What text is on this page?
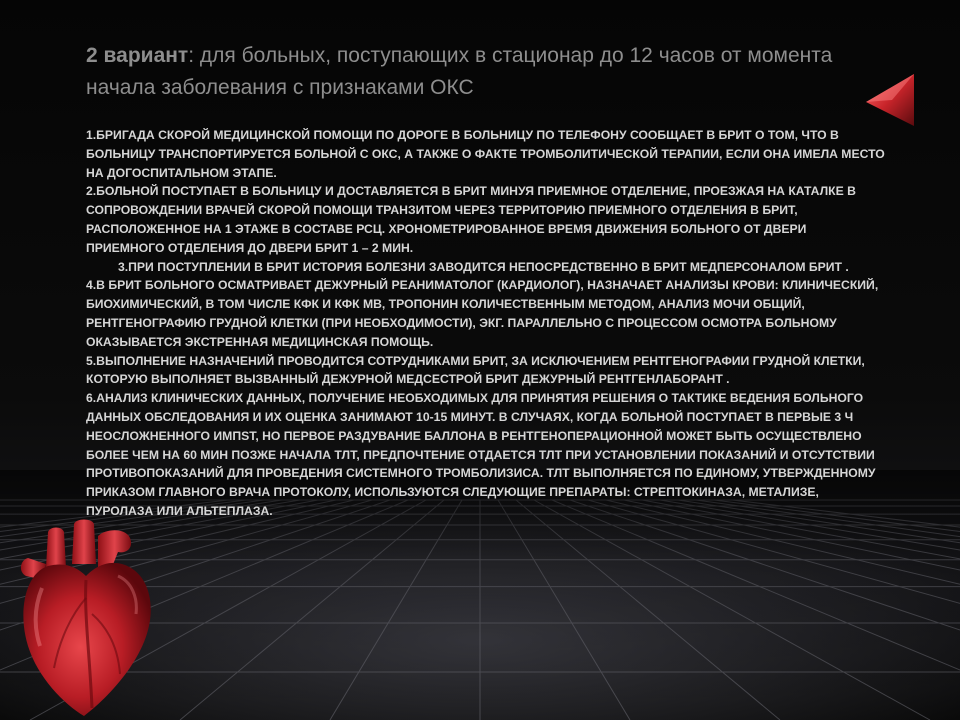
2 вариант: для больных, поступающих в стационар до 12 часов от момента начала заболевания с признаками ОКС

1.БРИГАДА СКОРОЙ МЕДИЦИНСКОЙ ПОМОЩИ ПО ДОРОГЕ В БОЛЬНИЦУ ПО ТЕЛЕФОНУ СООБЩАЕТ В БРИТ О ТОМ, ЧТО В БОЛЬНИЦУ ТРАНСПОРТИРУЕТСЯ БОЛЬНОЙ С ОКС, А ТАКЖЕ О ФАКТЕ ТРОМБОЛИТИЧЕСКОЙ ТЕРАПИИ, ЕСЛИ ОНА ИМЕЛА МЕСТО НА ДОГОСПИТАЛЬНОМ ЭТАПЕ.

2.БОЛЬНОЙ ПОСТУПАЕТ В БОЛЬНИЦУ И ДОСТАВЛЯЕТСЯ В БРИТ МИНУЯ ПРИЕМНОЕ ОТДЕЛЕНИЕ, ПРОЕЗЖАЯ НА КАТАЛКЕ В СОПРОВОЖДЕНИИ ВРАЧЕЙ СКОРОЙ ПОМОЩИ ТРАНЗИТОМ ЧЕРЕЗ ТЕРРИТОРИЮ ПРИЕМНОГО ОТДЕЛЕНИЯ В БРИТ, РАСПОЛОЖЕННОЕ НА 1 ЭТАЖЕ В СОСТАВЕ РСЦ. ХРОНОМЕТРИРОВАННОЕ ВРЕМЯ ДВИЖЕНИЯ БОЛЬНОГО ОТ ДВЕРИ ПРИЕМНОГО ОТДЕЛЕНИЯ ДО ДВЕРИ БРИТ 1 – 2 МИН.

3.ПРИ ПОСТУПЛЕНИИ В БРИТ ИСТОРИЯ БОЛЕЗНИ ЗАВОДИТСЯ НЕПОСРЕДСТВЕННО В БРИТ МЕДПЕРСОНАЛОМ БРИТ .

4.В БРИТ БОЛЬНОГО ОСМАТРИВАЕТ ДЕЖУРНЫЙ РЕАНИМАТОЛОГ (КАРДИОЛОГ), НАЗНАЧАЕТ АНАЛИЗЫ КРОВИ: КЛИНИЧЕСКИЙ, БИОХИМИЧЕСКИЙ, В ТОМ ЧИСЛЕ КФК И КФК МВ, ТРОПОНИН КОЛИЧЕСТВЕННЫМ МЕТОДОМ, АНАЛИЗ МОЧИ ОБЩИЙ, РЕНТГЕНОГРАФИЮ ГРУДНОЙ КЛЕТКИ (ПРИ НЕОБХОДИМОСТИ), ЭКГ. ПАРАЛЛЕЛЬНО С ПРОЦЕССОМ ОСМОТРА БОЛЬНОМУ ОКАЗЫВАЕТСЯ ЭКСТРЕННАЯ МЕДИЦИНСКАЯ ПОМОЩЬ.

5.ВЫПОЛНЕНИЕ НАЗНАЧЕНИЙ ПРОВОДИТСЯ СОТРУДНИКАМИ БРИТ, ЗА ИСКЛЮЧЕНИЕМ РЕНТГЕНОГРАФИИ ГРУДНОЙ КЛЕТКИ, КОТОРУЮ ВЫПОЛНЯЕТ ВЫЗВАННЫЙ ДЕЖУРНОЙ МЕДСЕСТРОЙ БРИТ ДЕЖУРНЫЙ РЕНТГЕНЛАБОРАНТ .

6.АНАЛИЗ КЛИНИЧЕСКИХ ДАННЫХ, ПОЛУЧЕНИЕ НЕОБХОДИМЫХ ДЛЯ ПРИНЯТИЯ РЕШЕНИЯ О ТАКТИКЕ ВЕДЕНИЯ БОЛЬНОГО ДАННЫХ ОБСЛЕДОВАНИЯ И ИХ ОЦЕНКА ЗАНИМАЮТ 10-15 МИНУТ. В СЛУЧАЯХ, КОГДА БОЛЬНОЙ ПОСТУПАЕТ В ПЕРВЫЕ 3 Ч НЕОСЛОЖНЕННОГО ИМПST, НО ПЕРВОЕ РАЗДУВАНИЕ БАЛЛОНА В РЕНТГЕНОПЕРАЦИОННОЙ МОЖЕТ БЫТЬ ОСУЩЕСТВЛЕНО БОЛЕЕ ЧЕМ НА 60 МИН ПОЗЖЕ НАЧАЛА ТЛТ, ПРЕДПОЧТЕНИЕ ОТДАЕТСЯ ТЛТ ПРИ УСТАНОВЛЕНИИ ПОКАЗАНИЙ И ОТСУТСТВИИ ПРОТИВОПОКАЗАНИЙ ДЛЯ ПРОВЕДЕНИЯ СИСТЕМНОГО ТРОМБОЛИЗИСА. ТЛТ ВЫПОЛНЯЕТСЯ ПО ЕДИНОМУ, УТВЕРЖДЕННОМУ ПРИКАЗОМ ГЛАВНОГО ВРАЧА ПРОТОКОЛУ, ИСПОЛЬЗУЮТСЯ СЛЕДУЮЩИЕ ПРЕПАРАТЫ: СТРЕПТОКИНАЗА, МЕТАЛИЗЕ, ПУРОЛАЗА ИЛИ АЛЬТЕПЛАЗА.
